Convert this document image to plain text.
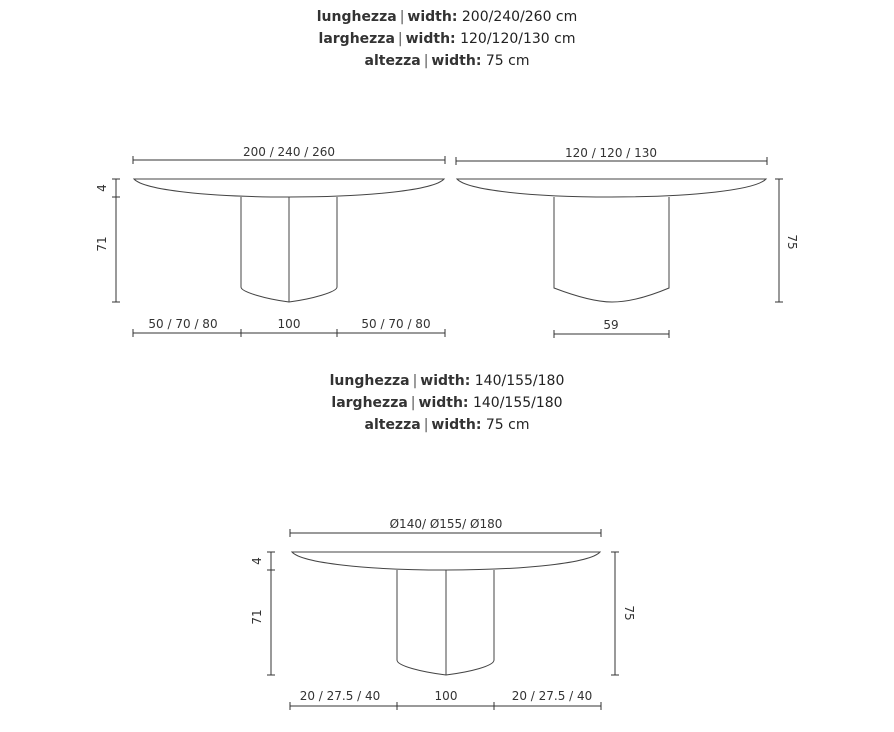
lunghezza | width: 200/240/260 cm
larghezza | width: 120/120/130 cm
altezza | width: 75 cm
lunghezza | width: 140/155/180
larghezza | width: 140/155/180
altezza | width: 75 cm
200 / 240 / 260
4
71
50 / 70 / 80	100	50 / 70 / 80
120 / 120 / 130
75
59
Ø140/ Ø155/ Ø180
4
71	75
20 / 27.5 / 40	100	20 / 27.5 / 40
